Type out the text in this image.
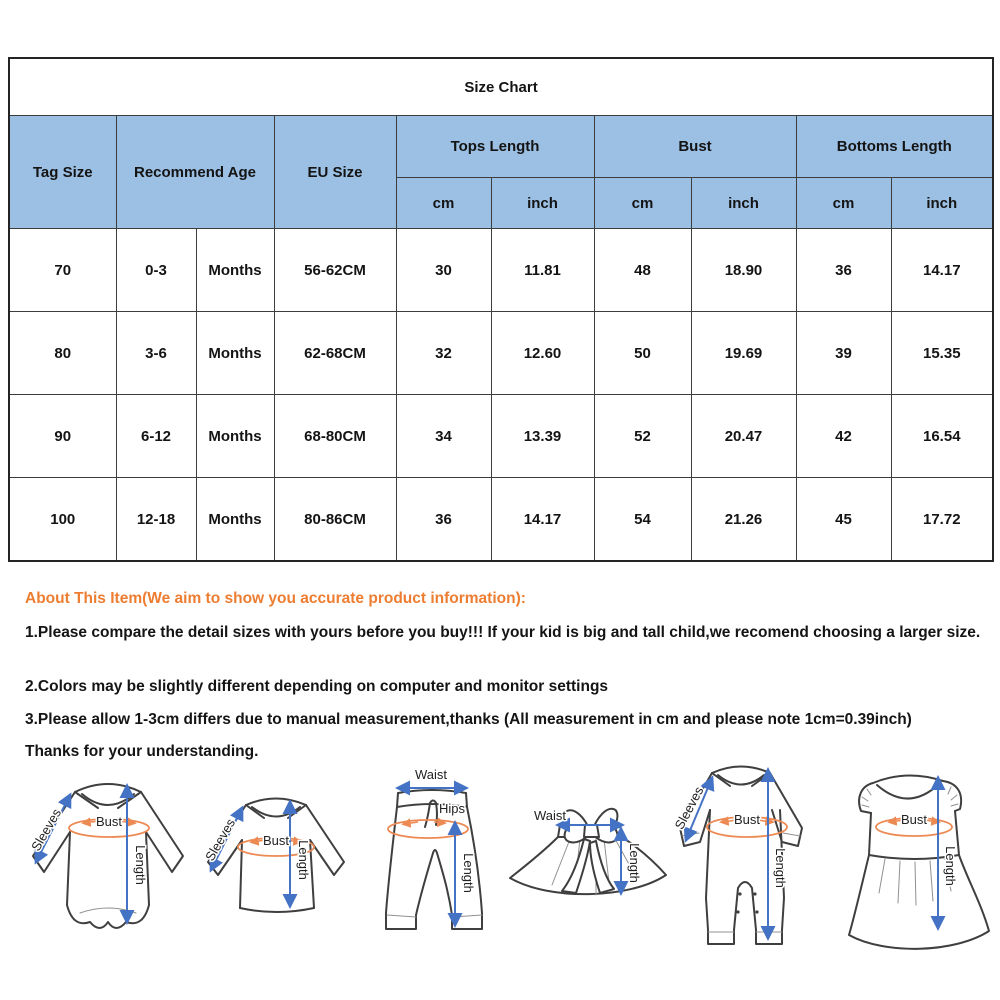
Size Chart									
Tag Size	Recommend Age		EU Size	Tops Length		Bust		Bottoms Length	
				cm	inch	cm	inch	cm	inch
70	0-3	Months	56-62CM	30	11.81	48	18.90	36	14.17
80	3-6	Months	62-68CM	32	12.60	50	19.69	39	15.35
90	6-12	Months	68-80CM	34	13.39	52	20.47	42	16.54
100	12-18	Months	80-86CM	36	14.17	54	21.26	45	17.72

About This Item(We aim to show you accurate product information):

1.Please compare the detail sizes with yours before you buy!!! If your kid is big and tall child,we recomend choosing a larger size.

2.Colors may be slightly different depending on computer and monitor settings

3.Please allow 1-3cm differs due to manual measurement,thanks (All measurement in cm and please note 1cm=0.39inch)

Thanks for your understanding.

Bust
Sleeves
Length
Bust
Sleeves	Length
Waist
Hips
Length
Waist
Length
Bust
Sleeves
Length
Bust
Length
